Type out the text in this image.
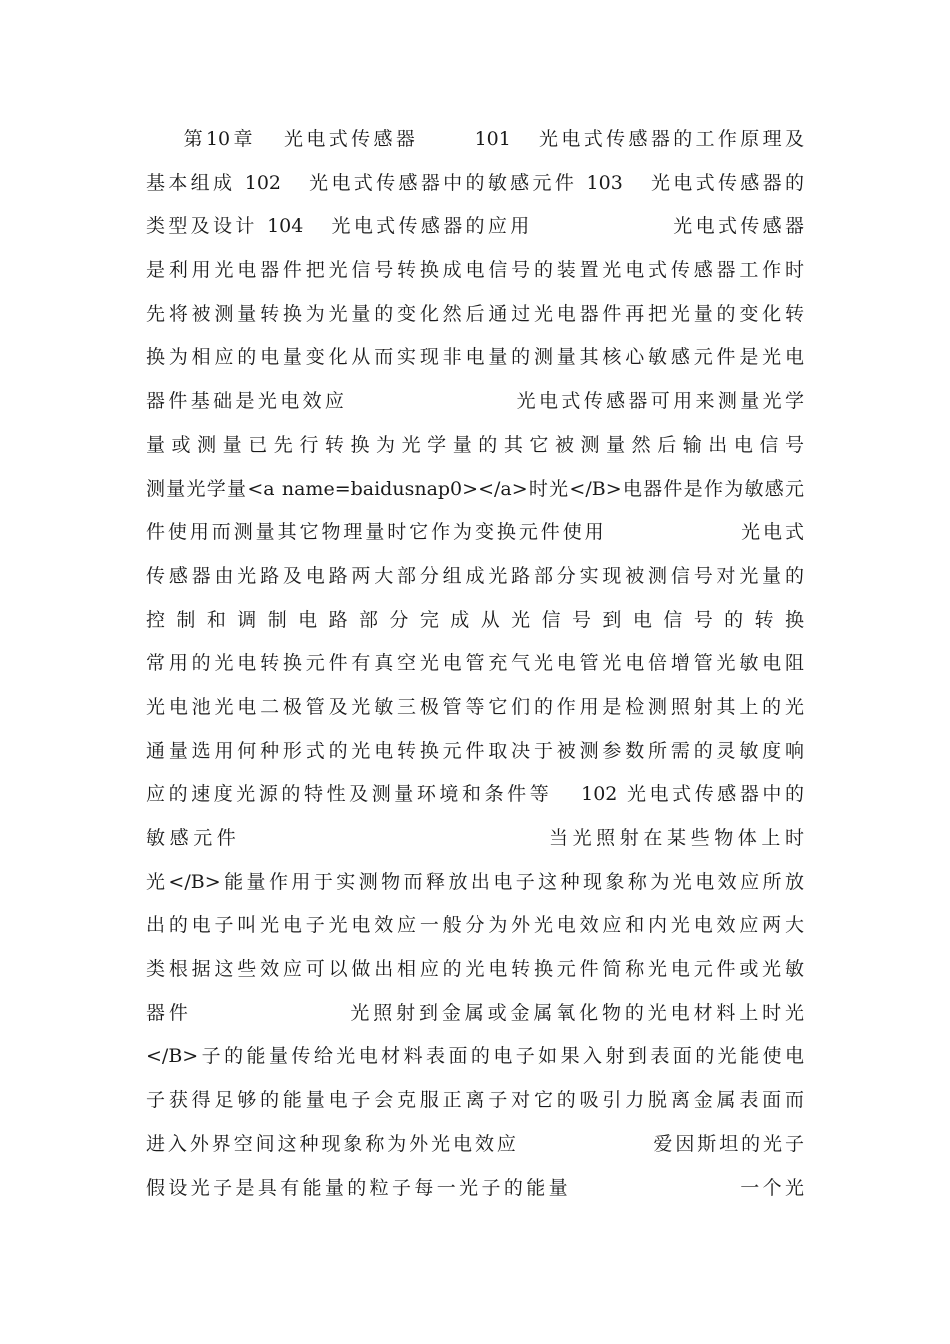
第10章   光电式传感器      101   光电式传感器的工作原理及
基本组成 102   光电式传感器中的敏感元件 103   光电式传感器的
类型及设计 104   光电式传感器的应用               光电式传感器
是利用光电器件把光信号转换成电信号的装置光电式传感器工作时
先将被测量转换为光量的变化然后通过光电器件再把光量的变化转
换为相应的电量变化从而实现非电量的测量其核心敏感元件是光电
器件基础是光电效应                  光电式传感器可用来测量光学
量或测量已先行转换为光学量的其它被测量然后输出电信号
测量光学量<a name=baidusnap0></a>时光</B>电器件是作为敏感元
件使用而测量其它物理量时它作为变换元件使用               光电式
传感器由光路及电路两大部分组成光路部分实现被测信号对光量的
控制和调制电路部分完成从光信号到电信号的转换
常用的光电转换元件有真空光电管充气光电管光电倍增管光敏电阻
光电池光电二极管及光敏三极管等它们的作用是检测照射其上的光
通量选用何种形式的光电转换元件取决于被测参数所需的灵敏度响
应的速度光源的特性及测量环境和条件等   102 光电式传感器中的
敏感元件                             当光照射在某些物体上时
光</B>能量作用于实测物而释放出电子这种现象称为光电效应所放
出的电子叫光电子光电效应一般分为外光电效应和内光电效应两大
类根据这些效应可以做出相应的光电转换元件简称光电元件或光敏
器件                光照射到金属或金属氧化物的光电材料上时光
</B>子的能量传给光电材料表面的电子如果入射到表面的光能使电
子获得足够的能量电子会克服正离子对它的吸引力脱离金属表面而
进入外界空间这种现象称为外光电效应               爱因斯坦的光子
假设光子是具有能量的粒子每一光子的能量                  一个光
